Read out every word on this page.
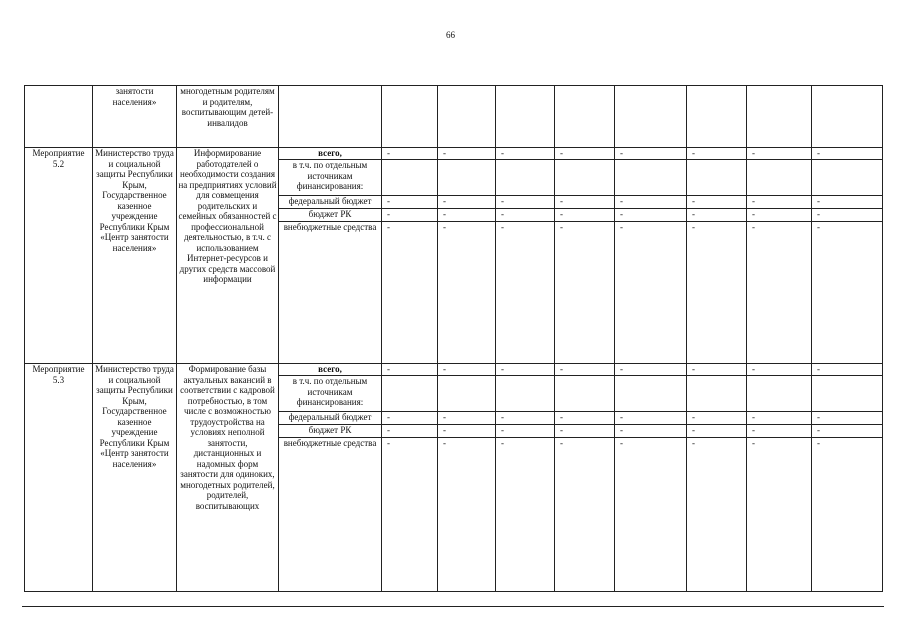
66
	занятости населения»	многодетным родителям и родителям, воспитывающим детей-инвалидов									
Мероприятие 5.2	Министерство труда и социальной защиты Республики Крым, Государственное казенное учреждение Республики Крым «Центр занятости населения»	Информирование работодателей о необходимости создания на предприятиях условий для совмещения родительских и семейных обязанностей с профессиональной деятельностью, в т.ч. с использованием Интернет-ресурсов и других средств массовой информации	всего,	-	-	-	-	-	-	-	-
			в т.ч. по отдельным источникам финансирования:								
			федеральный бюджет	-	-	-	-	-	-	-	-
			бюджет РК	-	-	-	-	-	-	-	-
			внебюджетные средства	-	-	-	-	-	-	-	-
Мероприятие 5.3	Министерство труда и социальной защиты Республики Крым, Государственное казенное учреждение Республики Крым «Центр занятости населения»	Формирование базы актуальных вакансий в соответствии с кадровой потребностью, в том числе с возможностью трудоустройства на условиях неполной занятости, дистанционных и надомных форм занятости для одиноких, многодетных родителей, родителей, воспитывающих	всего,	-	-	-	-	-	-	-	-
			в т.ч. по отдельным источникам финансирования:								
			федеральный бюджет	-	-	-	-	-	-	-	-
			бюджет РК	-	-	-	-	-	-	-	-
			внебюджетные средства	-	-	-	-	-	-	-	-
